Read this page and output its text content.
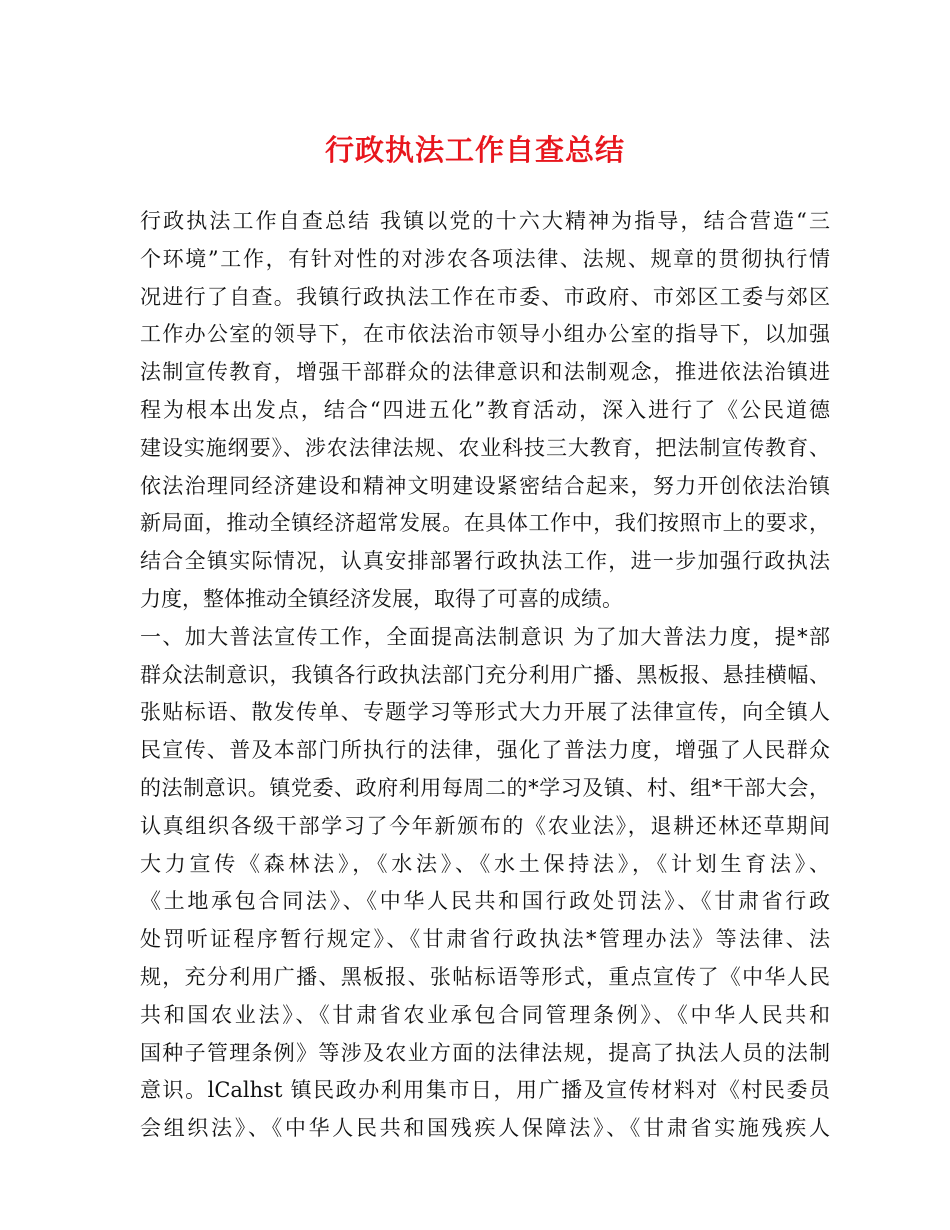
行政执法工作自查总结
行政执法工作自查总结 我镇以党的十六大精神为指导，结合营造“三
个环境”工作，有针对性的对涉农各项法律、法规、规章的贯彻执行情
况进行了自查。我镇行政执法工作在市委、市政府、市郊区工委与郊区
工作办公室的领导下，在市依法治市领导小组办公室的指导下，以加强
法制宣传教育，增强干部群众的法律意识和法制观念，推进依法治镇进
程为根本出发点，结合“四进五化”教育活动，深入进行了《公民道德
建设实施纲要》、涉农法律法规、农业科技三大教育，把法制宣传教育、
依法治理同经济建设和精神文明建设紧密结合起来，努力开创依法治镇
新局面，推动全镇经济超常发展。在具体工作中，我们按照市上的要求，
结合全镇实际情况，认真安排部署行政执法工作，进一步加强行政执法
力度，整体推动全镇经济发展，取得了可喜的成绩。
一、加大普法宣传工作，全面提高法制意识 为了加大普法力度，提*部
群众法制意识，我镇各行政执法部门充分利用广播、黑板报、悬挂横幅、
张贴标语、散发传单、专题学习等形式大力开展了法律宣传，向全镇人
民宣传、普及本部门所执行的法律，强化了普法力度，增强了人民群众
的法制意识。镇党委、政府利用每周二的*学习及镇、村、组*干部大会，
认真组织各级干部学习了今年新颁布的《农业法》，退耕还林还草期间
大力宣传《森林法》，《水法》、《水土保持法》，《计划生育法》、
《土地承包合同法》、《中华人民共和国行政处罚法》、《甘肃省行政
处罚听证程序暂行规定》、《甘肃省行政执法*管理办法》等法律、法
规，充分利用广播、黑板报、张帖标语等形式，重点宣传了《中华人民
共和国农业法》、《甘肃省农业承包合同管理条例》、《中华人民共和
国种子管理条例》等涉及农业方面的法律法规，提高了执法人员的法制
意识。lCalhst 镇民政办利用集市日，用广播及宣传材料对《村民委员
会组织法》、《中华人民共和国残疾人保障法》、《甘肃省实施残疾人
